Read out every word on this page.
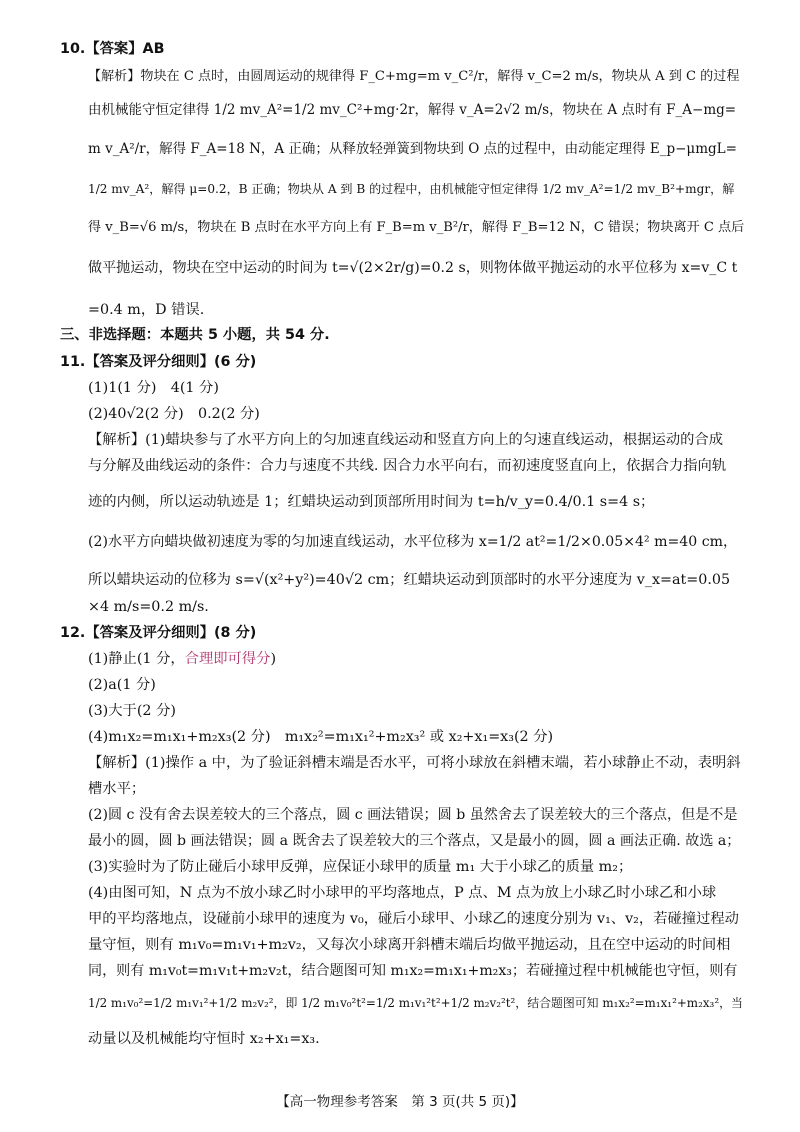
10.【答案】AB
【解析】物块在 C 点时，由圆周运动的规律得 F_C+mg=m v_C²/r，解得 v_C=2 m/s，物块从 A 到 C 的过程
由机械能守恒定律得 1/2 mv_A²=1/2 mv_C²+mg·2r，解得 v_A=2√2 m/s，物块在 A 点时有 F_A−mg=
m v_A²/r，解得 F_A=18 N，A 正确；从释放轻弹簧到物块到 O 点的过程中，由动能定理得 E_p−μmgL=
1/2 mv_A²，解得 μ=0.2，B 正确；物块从 A 到 B 的过程中，由机械能守恒定律得 1/2 mv_A²=1/2 mv_B²+mgr，解
得 v_B=√6 m/s，物块在 B 点时在水平方向上有 F_B=m v_B²/r，解得 F_B=12 N，C 错误；物块离开 C 点后
做平抛运动，物块在空中运动的时间为 t=√(2×2r/g)=0.2 s，则物体做平抛运动的水平位移为 x=v_C t
=0.4 m，D 错误.
三、非选择题：本题共 5 小题，共 54 分.
11.【答案及评分细则】(6 分)
(1)1(1 分)　4(1 分)
(2)40√2(2 分)　0.2(2 分)
【解析】(1)蜡块参与了水平方向上的匀加速直线运动和竖直方向上的匀速直线运动，根据运动的合成
与分解及曲线运动的条件：合力与速度不共线. 因合力水平向右，而初速度竖直向上，依据合力指向轨
迹的内侧，所以运动轨迹是 1；红蜡块运动到顶部所用时间为 t=h/v_y=0.4/0.1 s=4 s；
(2)水平方向蜡块做初速度为零的匀加速直线运动，水平位移为 x=1/2 at²=1/2×0.05×4² m=40 cm，
所以蜡块运动的位移为 s=√(x²+y²)=40√2 cm；红蜡块运动到顶部时的水平分速度为 v_x=at=0.05
×4 m/s=0.2 m/s.
12.【答案及评分细则】(8 分)
(1)静止(1 分，合理即可得分)
(2)a(1 分)
(3)大于(2 分)
(4)m₁x₂=m₁x₁+m₂x₃(2 分)　m₁x₂²=m₁x₁²+m₂x₃² 或 x₂+x₁=x₃(2 分)
【解析】(1)操作 a 中，为了验证斜槽末端是否水平，可将小球放在斜槽末端，若小球静止不动，表明斜
槽水平；
(2)圆 c 没有舍去误差较大的三个落点，圆 c 画法错误；圆 b 虽然舍去了误差较大的三个落点，但是不是
最小的圆，圆 b 画法错误；圆 a 既舍去了误差较大的三个落点，又是最小的圆，圆 a 画法正确. 故选 a；
(3)实验时为了防止碰后小球甲反弹，应保证小球甲的质量 m₁ 大于小球乙的质量 m₂；
(4)由图可知，N 点为不放小球乙时小球甲的平均落地点，P 点、M 点为放上小球乙时小球乙和小球
甲的平均落地点，设碰前小球甲的速度为 v₀，碰后小球甲、小球乙的速度分别为 v₁、v₂，若碰撞过程动
量守恒，则有 m₁v₀=m₁v₁+m₂v₂，又每次小球离开斜槽末端后均做平抛运动，且在空中运动的时间相
同，则有 m₁v₀t=m₁v₁t+m₂v₂t，结合题图可知 m₁x₂=m₁x₁+m₂x₃；若碰撞过程中机械能也守恒，则有
1/2 m₁v₀²=1/2 m₁v₁²+1/2 m₂v₂²，即 1/2 m₁v₀²t²=1/2 m₁v₁²t²+1/2 m₂v₂²t²，结合题图可知 m₁x₂²=m₁x₁²+m₂x₃²，当
动量以及机械能均守恒时 x₂+x₁=x₃.
【高一物理参考答案　第 3 页(共 5 页)】
